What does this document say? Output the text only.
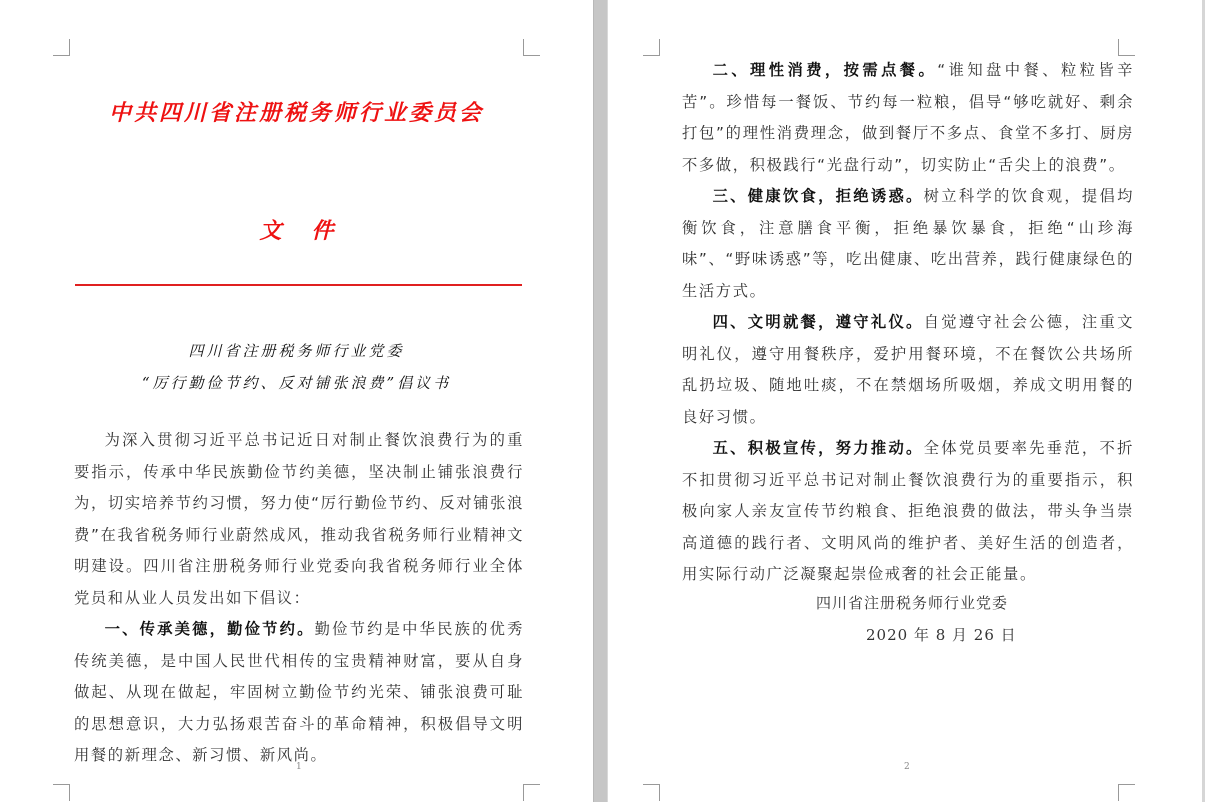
中共四川省注册税务师行业委员会
文件
四川省注册税务师行业党委
“厉行勤俭节约、反对铺张浪费”倡议书

为深入贯彻习近平总书记近日对制止餐饮浪费行为的重要指示，传承中华民族勤俭节约美德，坚决制止铺张浪费行为，切实培养节约习惯，努力使“厉行勤俭节约、反对铺张浪费”在我省税务师行业蔚然成风，推动我省税务师行业精神文明建设。四川省注册税务师行业党委向我省税务师行业全体党员和从业人员发出如下倡议：

一、传承美德，勤俭节约。勤俭节约是中华民族的优秀传统美德，是中国人民世代相传的宝贵精神财富，要从自身做起、从现在做起，牢固树立勤俭节约光荣、铺张浪费可耻的思想意识，大力弘扬艰苦奋斗的革命精神，积极倡导文明用餐的新理念、新习惯、新风尚。

1

二、理性消费，按需点餐。“谁知盘中餐、粒粒皆辛苦”。珍惜每一餐饭、节约每一粒粮，倡导“够吃就好、剩余打包”的理性消费理念，做到餐厅不多点、食堂不多打、厨房不多做，积极践行“光盘行动”，切实防止“舌尖上的浪费”。

三、健康饮食，拒绝诱惑。树立科学的饮食观，提倡均衡饮食，注意膳食平衡，拒绝暴饮暴食，拒绝“山珍海味”、“野味诱惑”等，吃出健康、吃出营养，践行健康绿色的生活方式。

四、文明就餐，遵守礼仪。自觉遵守社会公德，注重文明礼仪，遵守用餐秩序，爱护用餐环境，不在餐饮公共场所乱扔垃圾、随地吐痰，不在禁烟场所吸烟，养成文明用餐的良好习惯。

五、积极宣传，努力推动。全体党员要率先垂范，不折不扣贯彻习近平总书记对制止餐饮浪费行为的重要指示，积极向家人亲友宣传节约粮食、拒绝浪费的做法，带头争当崇高道德的践行者、文明风尚的维护者、美好生活的创造者，用实际行动广泛凝聚起崇俭戒奢的社会正能量。

2
四川省注册税务师行业党委
2020 年 8 月 26 日
